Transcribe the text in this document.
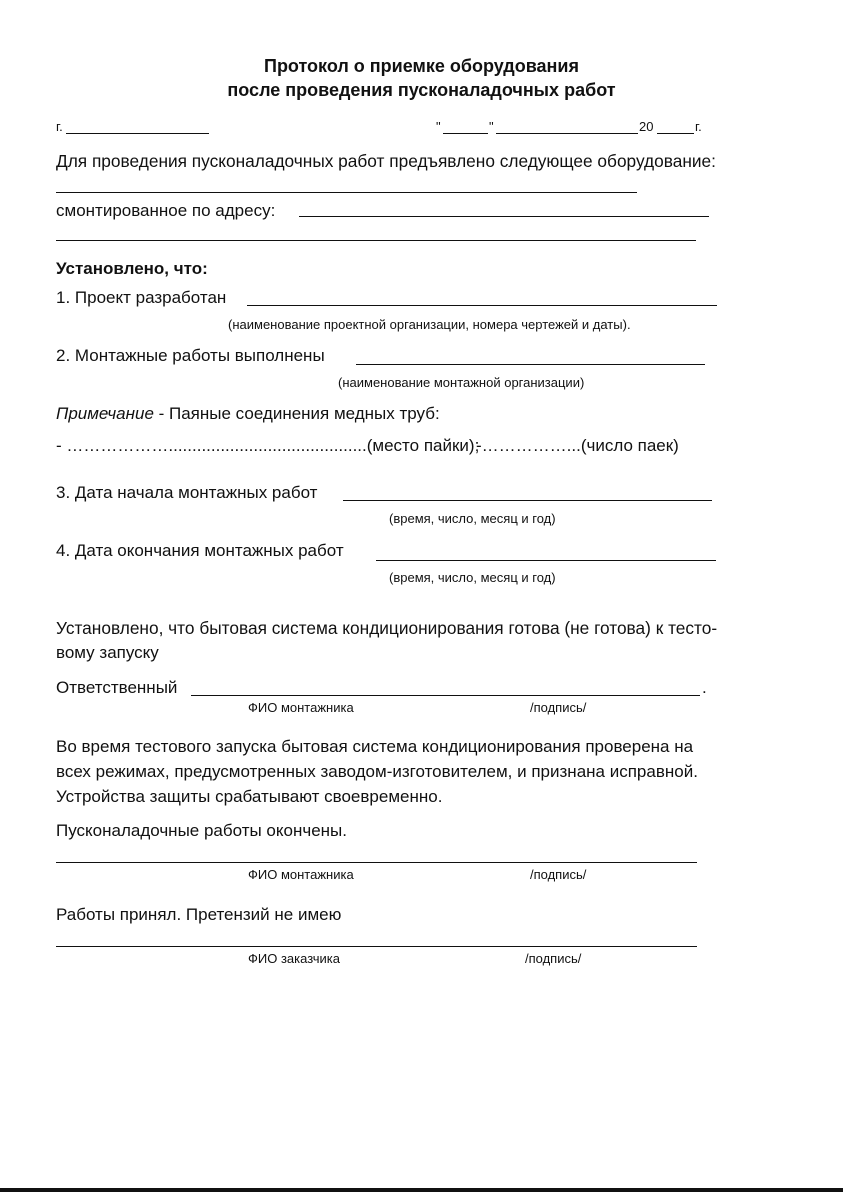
Протокол о приемке оборудования
после проведения пусконаладочных работ
г.	"	"	20	г.
Для проведения пусконаладочных работ предъявлено следующее оборудование:
смонтированное по адресу:
Установлено, что:
1. Проект разработан
(наименование проектной организации, номера чертежей и даты).
2. Монтажные работы выполнены
(наименование монтажной организации)
Примечание - Паяные соединения медных труб:
- ………………..........................................(место пайки);
-……………...(число паек)
3. Дата начала монтажных работ
(время, число, месяц и год)
4. Дата окончания монтажных работ
(время, число, месяц и год)
Установлено, что бытовая система кондиционирования готова (не готова) к тесто-
вому запуску
Ответственный	.
ФИО монтажника	/подпись/
Во время тестового запуска бытовая система кондиционирования проверена на
всех режимах, предусмотренных заводом-изготовителем, и признана исправной.
Устройства защиты срабатывают своевременно.
Пусконаладочные работы окончены.
ФИО монтажника	/подпись/
Работы принял. Претензий не имею
ФИО заказчика	/подпись/
